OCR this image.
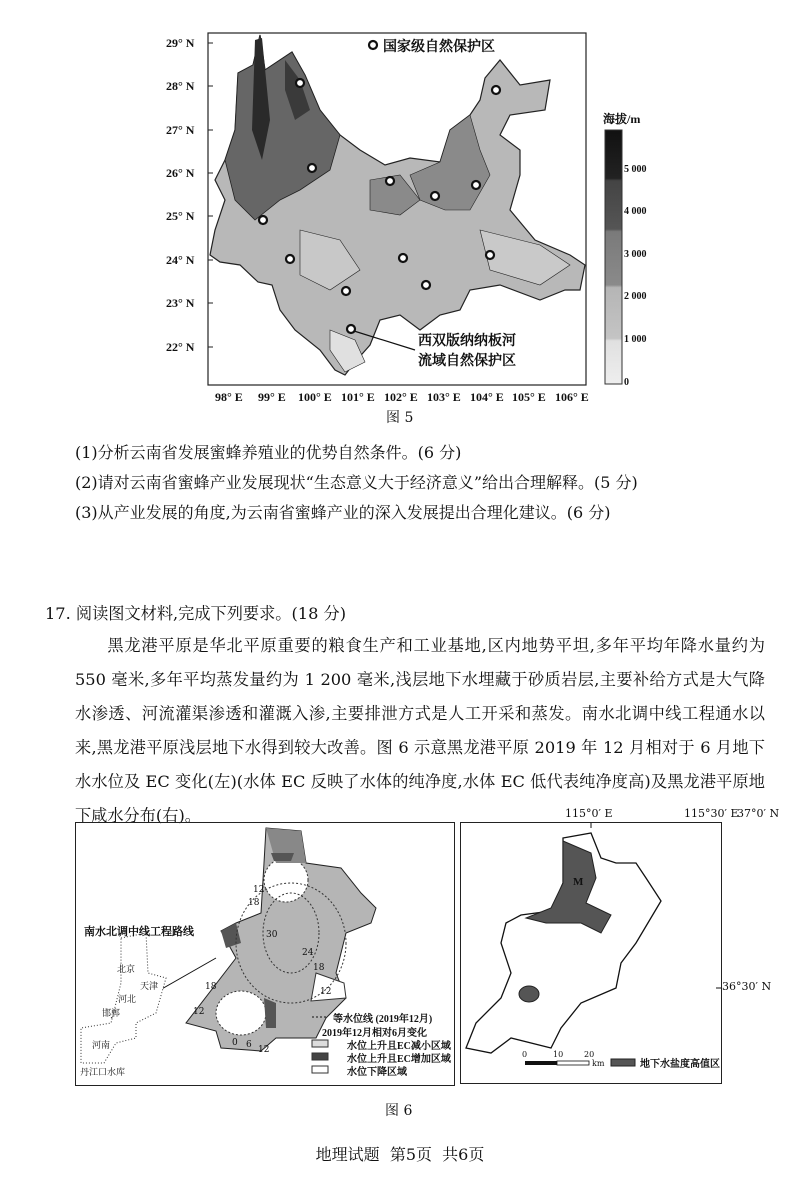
国家级自然保护区
西双版纳纳板河
流域自然保护区
29° N
28° N
27° N
26° N
25° N
24° N
23° N
22° N
98° E 99° E 100° E 101° E 102° E 103° E 104° E 105° E 106° E
海拔/m
5 000
4 000
3 000
2 000
1 000
0
图 5
(1)分析云南省发展蜜蜂养殖业的优势自然条件。(6 分)
(2)请对云南省蜜蜂产业发展现状“生态意义大于经济意义”给出合理解释。(5 分)
(3)从产业发展的角度,为云南省蜜蜂产业的深入发展提出合理化建议。(6 分)
17. 阅读图文材料,完成下列要求。(18 分)

黑龙港平原是华北平原重要的粮食生产和工业基地,区内地势平坦,多年平均年降水量约为 550 毫米,多年平均蒸发量约为 1 200 毫米,浅层地下水埋藏于砂质岩层,主要补给方式是大气降水渗透、河流灌渠渗透和灌溉入渗,主要排泄方式是人工开采和蒸发。南水北调中线工程通水以来,黑龙港平原浅层地下水得到较大改善。图 6 示意黑龙港平原 2019 年 12 月相对于 6 月地下水水位及 EC 变化(左)(水体 EC 反映了水体的纯净度,水体 EC 低代表纯净度高)及黑龙港平原地下咸水分布(右)。

南水北调中线工程路线
北京
天津
河北
邯郸
河南
丹江口水库
12
18
30
24
18
12
18
12
0 6 12
等水位线 (2019年12月)
2019年12月相对6月变化
水位上升且EC减小区域
水位上升且EC增加区域
水位下降区域
115°0′ E	115°30′ E
37°0′ N
36°30′ N
M
0	10	20
km	地下水盐度高值区
图 6
地理试题  第5页  共6页
